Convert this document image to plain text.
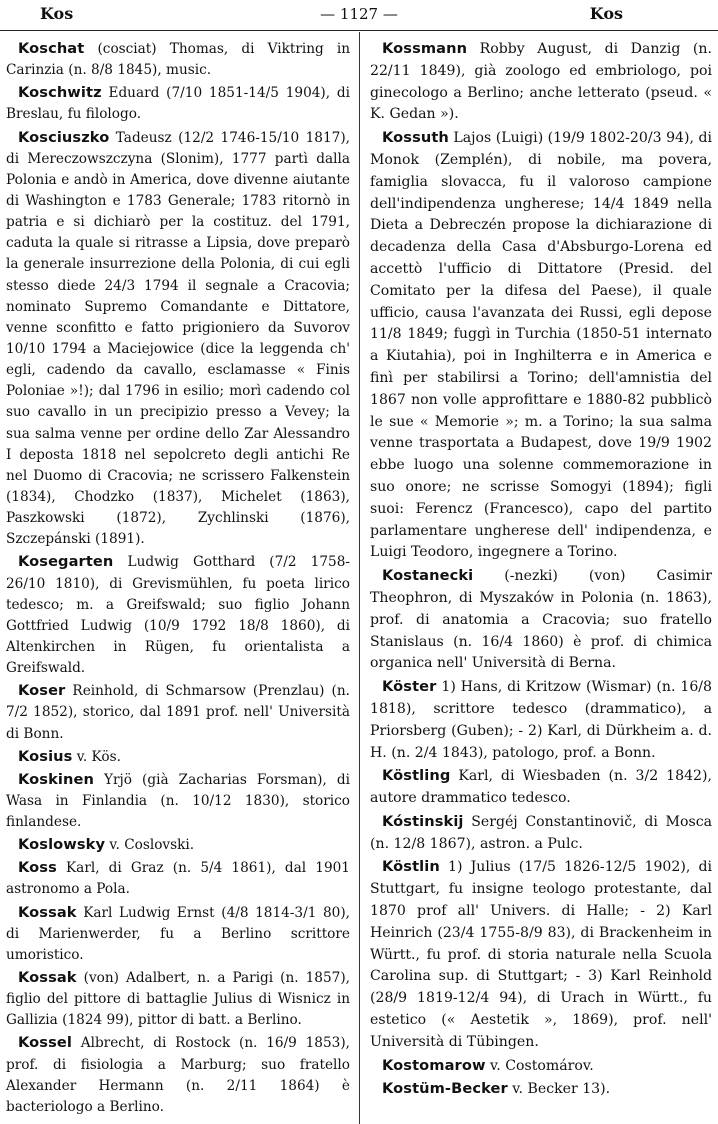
Kos	— 1127 —	Kos

Koschat (cosciat) Thomas, di Viktring in Carinzia (n. 8/8 1845), music.

Koschwitz Eduard (7/10 1851-14/5 1904), di Breslau, fu filologo.

Kosciuszko Tadeusz (12/2 1746-15/10 1817), di Mereczowszczyna (Slonim), 1777 partì dalla Polonia e andò in America, dove divenne aiutante di Washington e 1783 Generale; 1783 ritornò in patria e si dichiarò per la costituz. del 1791, caduta la quale si ritrasse a Lipsia, dove preparò la generale insurrezione della Polonia, di cui egli stesso diede 24/3 1794 il segnale a Cracovia; nominato Supremo Comandante e Dittatore, venne sconfitto e fatto prigioniero da Suvorov 10/10 1794 a Maciejowice (dice la leggenda ch' egli, cadendo da cavallo, esclamasse « Finis Poloniae »!); dal 1796 in esilio; morì cadendo col suo cavallo in un precipizio presso a Vevey; la sua salma venne per ordine dello Zar Alessandro I deposta 1818 nel sepolcreto degli antichi Re nel Duomo di Cracovia; ne scrissero Falkenstein (1834), Chodzko (1837), Michelet (1863), Paszkowski (1872), Zychlinski (1876), Szczepánski (1891).

Kosegarten Ludwig Gotthard (7/2 1758-26/10 1810), di Grevismühlen, fu poeta lirico tedesco; m. a Greifswald; suo figlio Johann Gottfried Ludwig (10/9 1792 18/8 1860), di Altenkirchen in Rügen, fu orientalista a Greifswald.

Koser Reinhold, di Schmarsow (Prenzlau) (n. 7/2 1852), storico, dal 1891 prof. nell' Università di Bonn.

Kosius v. Kös.

Koskinen Yrjö (già Zacharias Forsman), di Wasa in Finlandia (n. 10/12 1830), storico finlandese.

Koslowsky v. Coslovski.

Koss Karl, di Graz (n. 5/4 1861), dal 1901 astronomo a Pola.

Kossak Karl Ludwig Ernst (4/8 1814-3/1 80), di Marienwerder, fu a Berlino scrittore umoristico.

Kossak (von) Adalbert, n. a Parigi (n. 1857), figlio del pittore di battaglie Julius di Wisnicz in Gallizia (1824 99), pittor di batt. a Berlino.

Kossel Albrecht, di Rostock (n. 16/9 1853), prof. di fisiologia a Marburg; suo fratello Alexander Hermann (n. 2/11 1864) è bacteriologo a Berlino.

Kossmann Robby August, di Danzig (n. 22/11 1849), già zoologo ed embriologo, poi ginecologo a Berlino; anche letterato (pseud. « K. Gedan »).

Kossuth Lajos (Luigi) (19/9 1802-20/3 94), di Monok (Zemplén), di nobile, ma povera, famiglia slovacca, fu il valoroso campione dell'indipendenza ungherese; 14/4 1849 nella Dieta a Debreczén propose la dichiarazione di decadenza della Casa d'Absburgo-Lorena ed accettò l'ufficio di Dittatore (Presid. del Comitato per la difesa del Paese), il quale ufficio, causa l'avanzata dei Russi, egli depose 11/8 1849; fuggì in Turchia (1850-51 internato a Kiutahia), poi in Inghilterra e in America e finì per stabilirsi a Torino; dell'amnistia del 1867 non volle approfittare e 1880-82 pubblicò le sue « Memorie »; m. a Torino; la sua salma venne trasportata a Budapest, dove 19/9 1902 ebbe luogo una solenne commemorazione in suo onore; ne scrisse Somogyi (1894); figli suoi: Ferencz (Francesco), capo del partito parlamentare ungherese dell' indipendenza, e Luigi Teodoro, ingegnere a Torino.

Kostanecki (-nezki) (von) Casimir Theophron, di Myszaków in Polonia (n. 1863), prof. di anatomia a Cracovia; suo fratello Stanislaus (n. 16/4 1860) è prof. di chimica organica nell' Università di Berna.

Köster 1) Hans, di Kritzow (Wismar) (n. 16/8 1818), scrittore tedesco (drammatico), a Priorsberg (Guben); - 2) Karl, di Dürkheim a. d. H. (n. 2/4 1843), patologo, prof. a Bonn.

Köstling Karl, di Wiesbaden (n. 3/2 1842), autore drammatico tedesco.

Kóstinskij Sergéj Constantinovič, di Mosca (n. 12/8 1867), astron. a Pulc.

Köstlin 1) Julius (17/5 1826-12/5 1902), di Stuttgart, fu insigne teologo protestante, dal 1870 prof all' Univers. di Halle; - 2) Karl Heinrich (23/4 1755-8/9 83), di Brackenheim in Württ., fu prof. di storia naturale nella Scuola Carolina sup. di Stuttgart; - 3) Karl Reinhold (28/9 1819-12/4 94), di Urach in Württ., fu estetico (« Aestetik », 1869), prof. nell' Università di Tübingen.

Kostomarow v. Costomárov.

Kostüm-Becker v. Becker 13).
